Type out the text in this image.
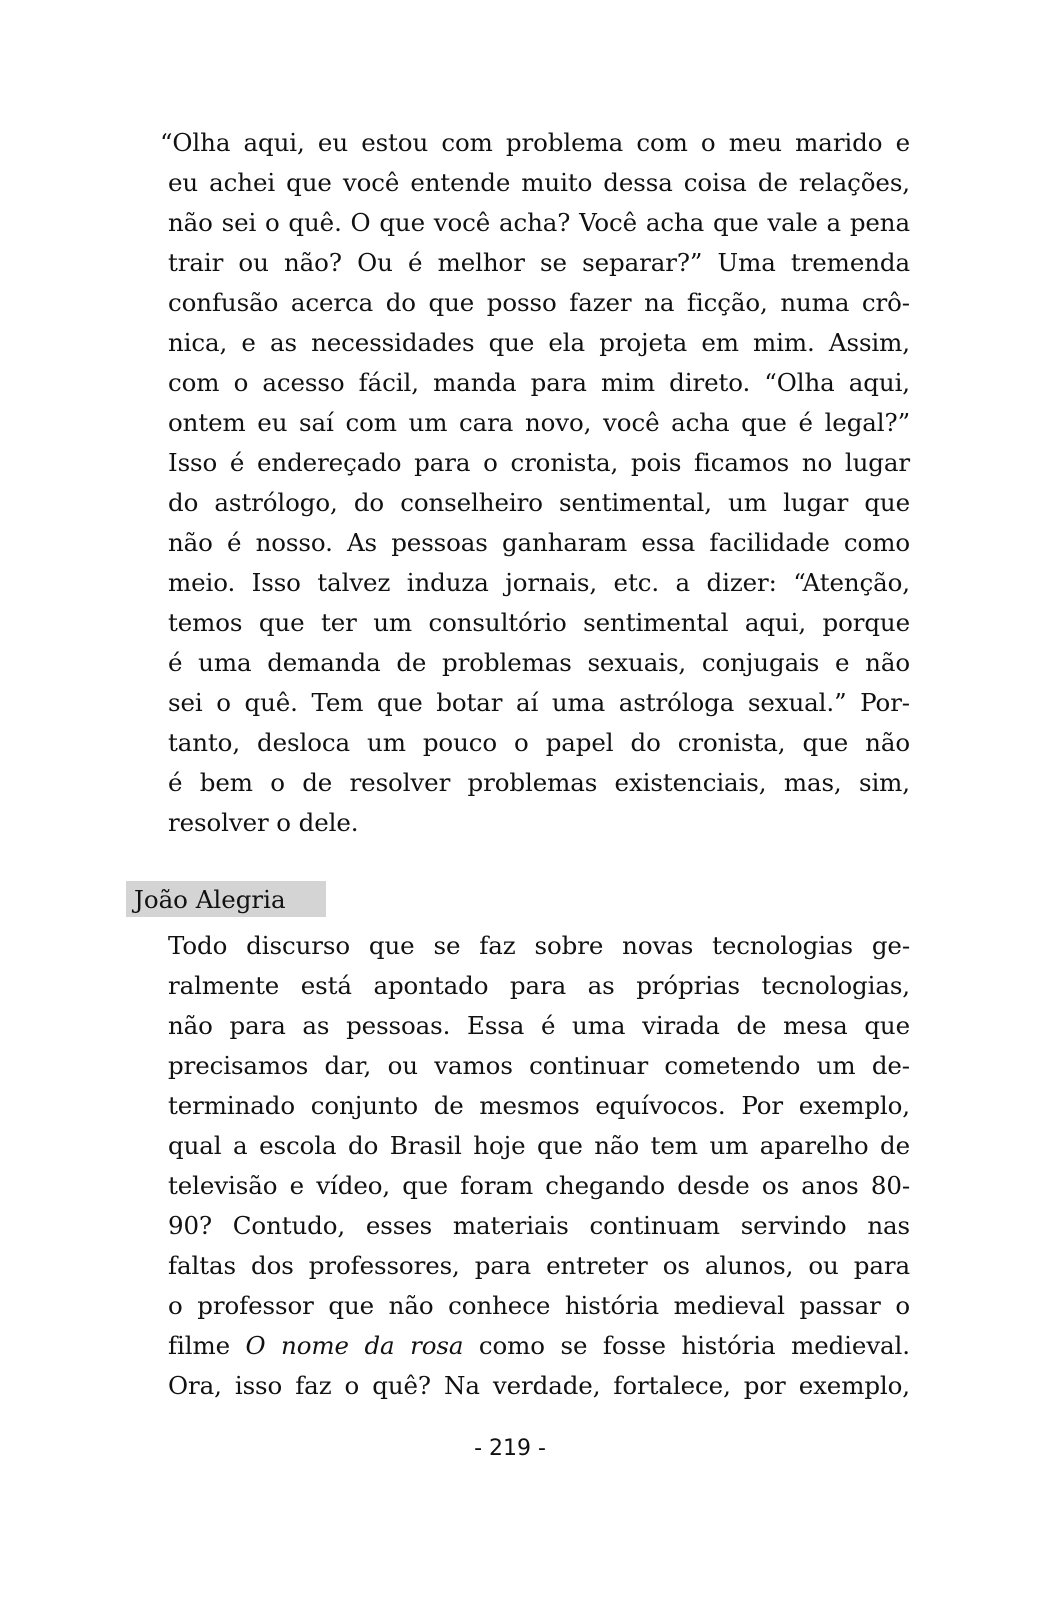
“Olha aqui, eu estou com problema com o meu marido e
eu achei que você entende muito dessa coisa de relações,
não sei o quê. O que você acha? Você acha que vale a pena
trair ou não? Ou é melhor se separar?” Uma tremenda
confusão acerca do que posso fazer na ficção, numa crô-
nica, e as necessidades que ela projeta em mim. Assim,
com o acesso fácil, manda para mim direto. “Olha aqui,
ontem eu saí com um cara novo, você acha que é legal?”
Isso é endereçado para o cronista, pois ficamos no lugar
do astrólogo, do conselheiro sentimental, um lugar que
não é nosso. As pessoas ganharam essa facilidade como
meio. Isso talvez induza jornais, etc. a dizer: “Atenção,
temos que ter um consultório sentimental aqui, porque
é uma demanda de problemas sexuais, conjugais e não
sei o quê. Tem que botar aí uma astróloga sexual.” Por-
tanto, desloca um pouco o papel do cronista, que não
é bem o de resolver problemas existenciais, mas, sim,
resolver o dele.
João Alegria
Todo discurso que se faz sobre novas tecnologias ge-
ralmente está apontado para as próprias tecnologias,
não para as pessoas. Essa é uma virada de mesa que
precisamos dar, ou vamos continuar cometendo um de-
terminado conjunto de mesmos equívocos. Por exemplo,
qual a escola do Brasil hoje que não tem um aparelho de
televisão e vídeo, que foram chegando desde os anos 80-
90? Contudo, esses materiais continuam servindo nas
faltas dos professores, para entreter os alunos, ou para
o professor que não conhece história medieval passar o
filme O nome da rosa como se fosse história medieval.
Ora, isso faz o quê? Na verdade, fortalece, por exemplo,
- 219 -
